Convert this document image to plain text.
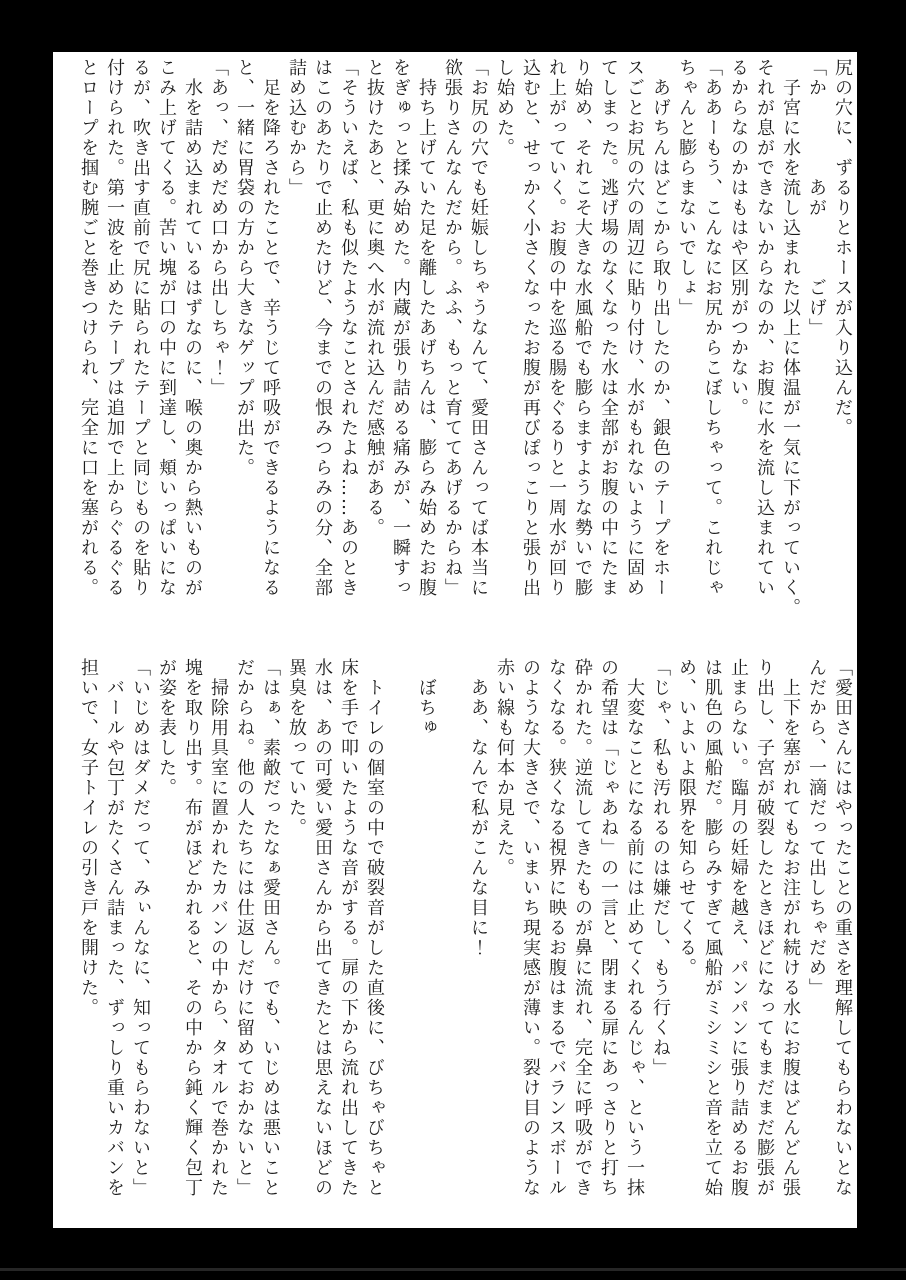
尻の穴に、ずるりとホースが入り込んだ。
「か　　　　あが　　　ごげ」
　子宮に水を流し込まれた以上に体温が一気に下がっていく。
それが息ができないからなのか、お腹に水を流し込まれてい
るからなのかはもはや区別がつかない。
「ああーもう、こんなにお尻からこぼしちゃって。これじゃ
ちゃんと膨らまないでしょ」
　あげちんはどこから取り出したのか、銀色のテープをホー
スごとお尻の穴の周辺に貼り付け、水がもれないように固め
てしまった。逃げ場のなくなった水は全部がお腹の中にたま
り始め、それこそ大きな水風船でも膨らますような勢いで膨
れ上がっていく。お腹の中を巡る腸をぐるりと一周水が回り
込むと、せっかく小さくなったお腹が再びぽっこりと張り出
し始めた。
「お尻の穴でも妊娠しちゃうなんて、愛田さんってば本当に
欲張りさんなんだから。ふふ、もっと育ててあげるからね」
　持ち上げていた足を離したあげちんは、膨らみ始めたお腹
をぎゅっと揉み始めた。内蔵が張り詰める痛みが、一瞬すっ
と抜けたあと、更に奥へ水が流れ込んだ感触がある。
「そういえば、私も似たようなことされたよね……あのとき
はこのあたりで止めたけど、今までの恨みつらみの分、全部
詰め込むから」
　足を降ろされたことで、辛うじて呼吸ができるようになる
と、一緒に胃袋の方から大きなゲップが出た。
「あっ、だめだめ口から出しちゃ！」
　水を詰め込まれているはずなのに、喉の奥から熱いものが
こみ上げてくる。苦い塊が口の中に到達し、頬いっぱいにな
るが、吹き出す直前で尻に貼られたテープと同じものを貼り
付けられた。第一波を止めたテープは追加で上からぐるぐる
とロープを掴む腕ごと巻きつけられ、完全に口を塞がれる。
「愛田さんにはやったことの重さを理解してもらわないとな
んだから、一滴だって出しちゃだめ」
　上下を塞がれてもなお注がれ続ける水にお腹はどんどん張
り出し、子宮が破裂したときほどになってもまだまだ膨張が
止まらない。臨月の妊婦を越え、パンパンに張り詰めるお腹
は肌色の風船だ。膨らみすぎて風船がミシミシと音を立て始
め、いよいよ限界を知らせてくる。
「じゃ、私も汚れるのは嫌だし、もう行くね」
　大変なことになる前には止めてくれるんじゃ、という一抹
の希望は「じゃあね」の一言と、閉まる扉にあっさりと打ち
砕かれた。逆流してきたものが鼻に流れ、完全に呼吸ができ
なくなる。狭くなる視界に映るお腹はまるでバランスボール
のような大きさで、いまいち現実感が薄い。裂け目のような
赤い線も何本か見えた。
　ああ、なんで私がこんな目に！

　ぼちゅ

　トイレの個室の中で破裂音がした直後に、びちゃびちゃと
床を手で叩いたような音がする。扉の下から流れ出してきた
水は、あの可愛い愛田さんから出てきたとは思えないほどの
異臭を放っていた。
「はぁ、素敵だったなぁ愛田さん。でも、いじめは悪いこと
だからね。他の人たちには仕返しだけに留めておかないと」
　掃除用具室に置かれたカバンの中から、タオルで巻かれた
塊を取り出す。布がほどかれると、その中から鈍く輝く包丁
が姿を表した。
「いじめはダメだって、みぃんなに、知ってもらわないと」
　バールや包丁がたくさん詰まった、ずっしり重いカバンを
担いで、女子トイレの引き戸を開けた。
